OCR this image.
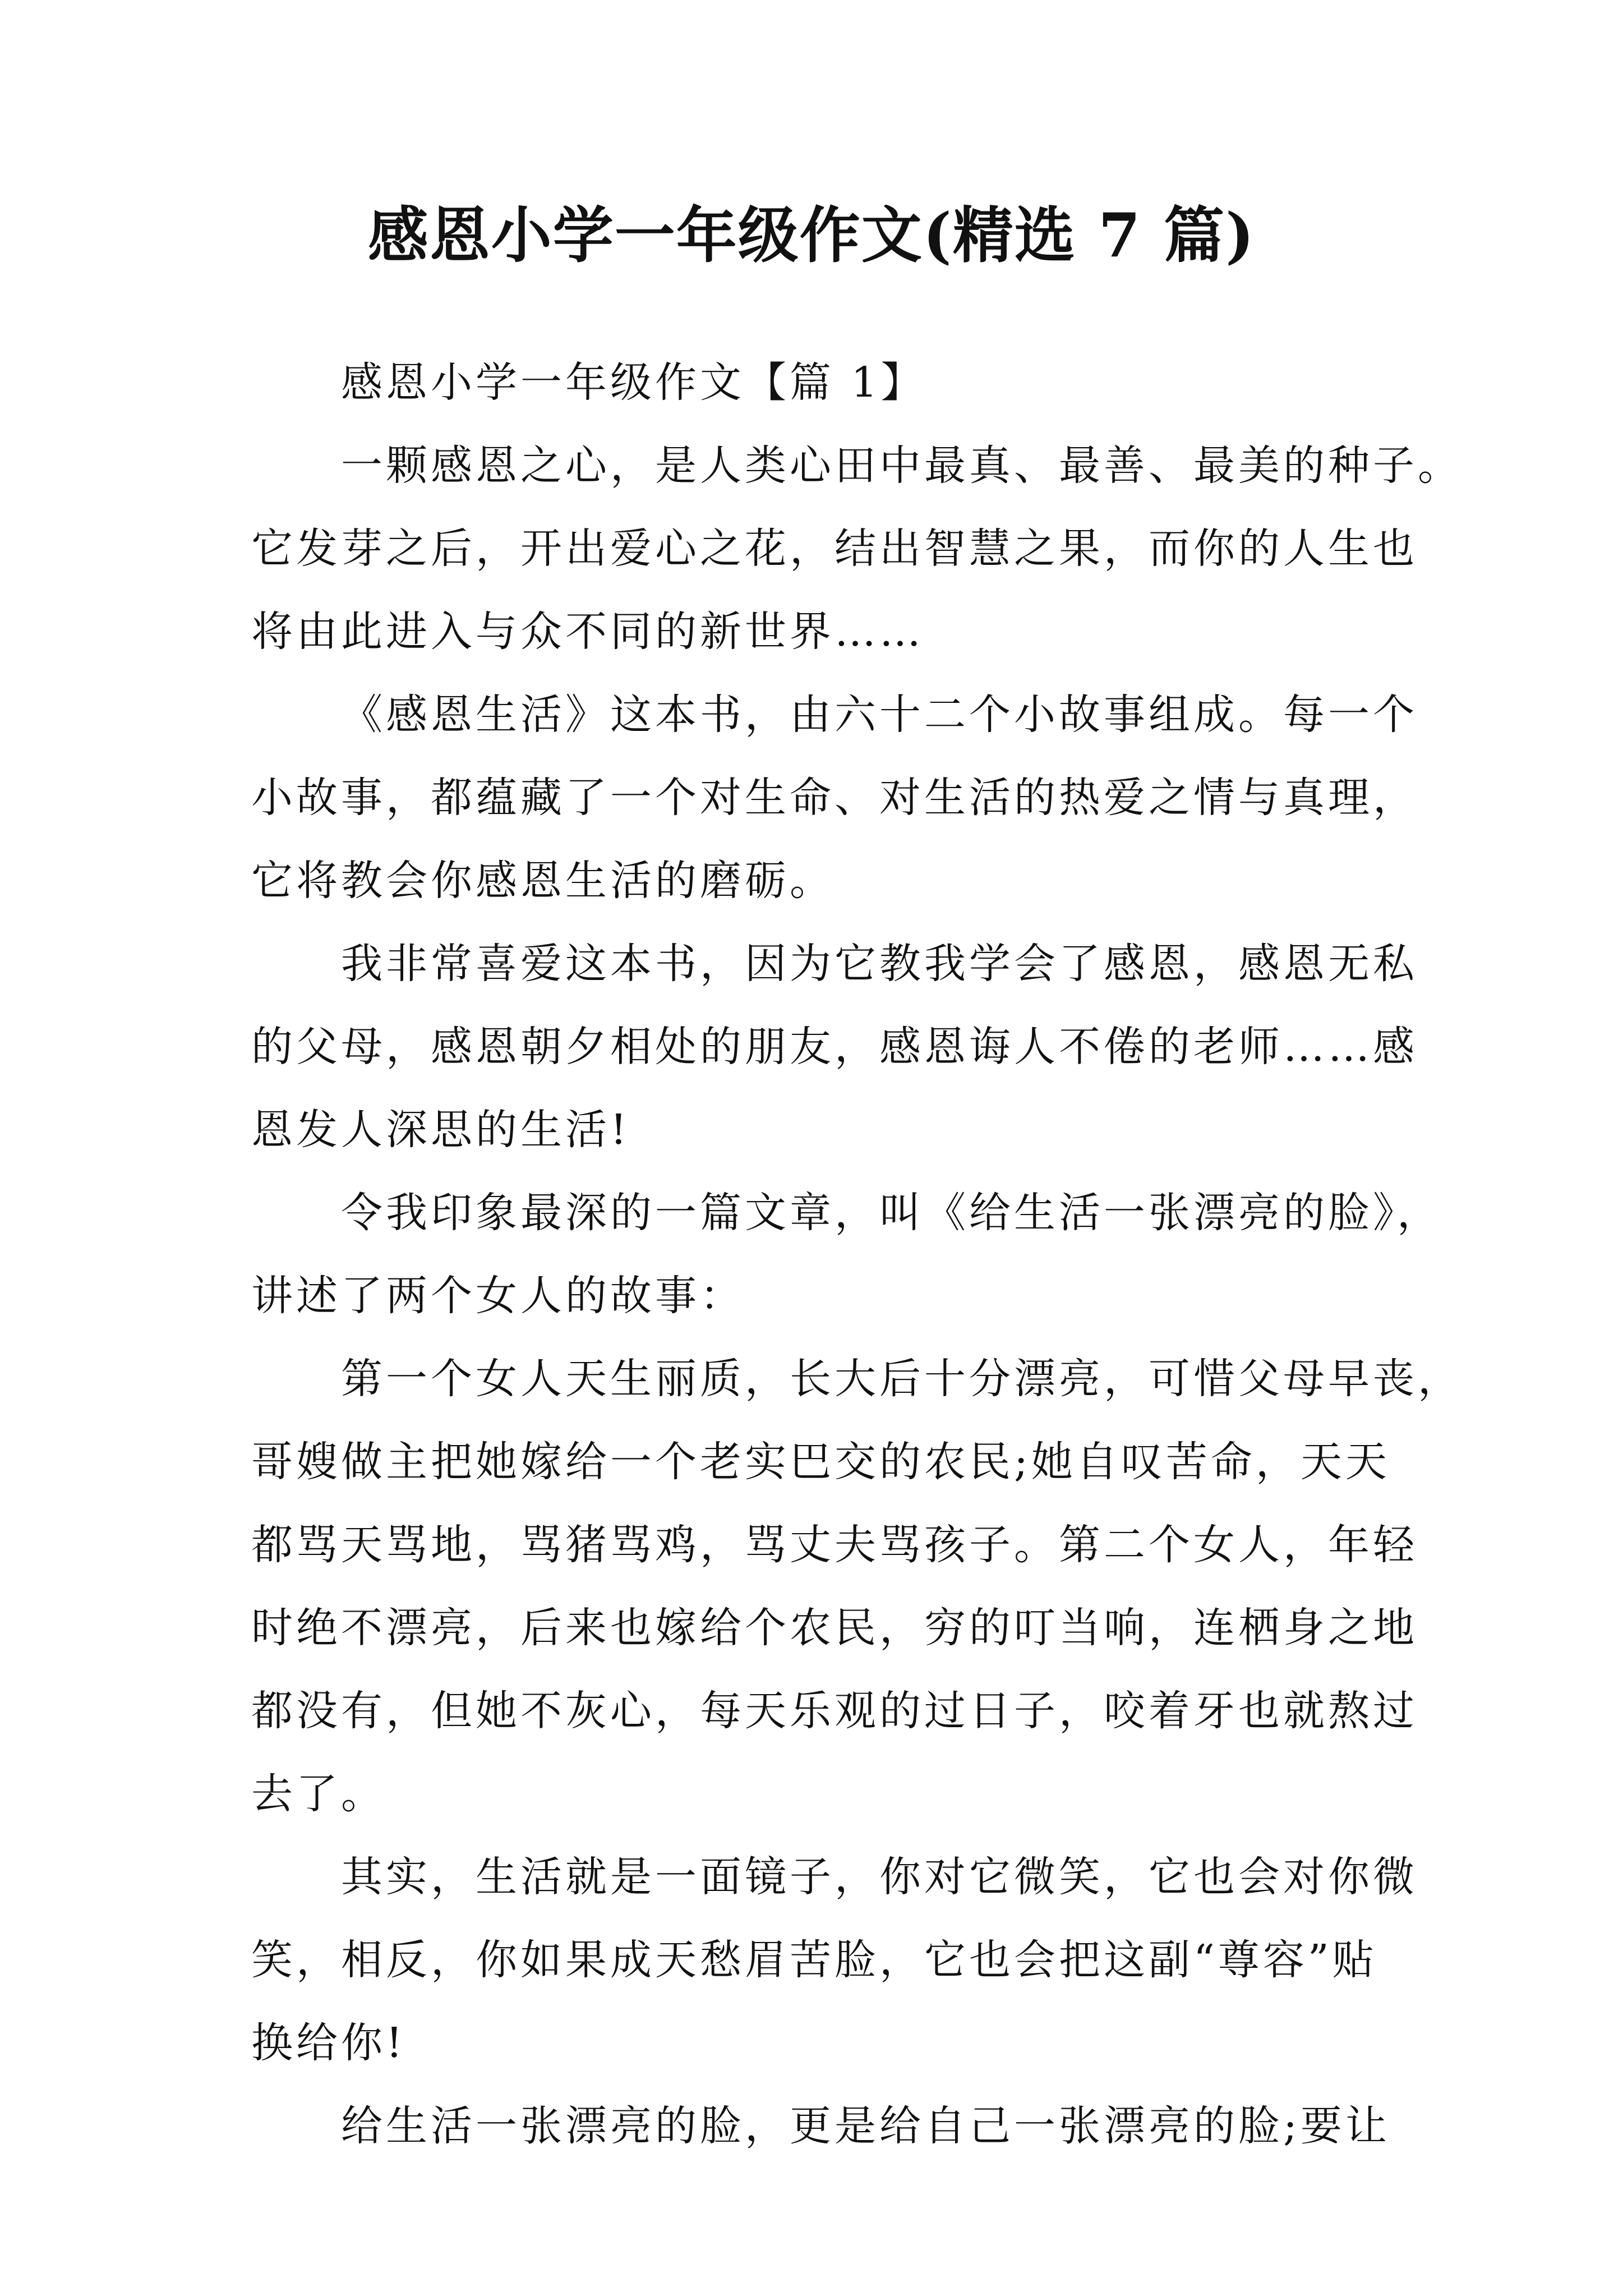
感恩小学一年级作文(精选 7 篇)

感恩小学一年级作文【篇 1】

一颗感恩之心，是人类心田中最真、最善、最美的种子。
它发芽之后，开出爱心之花，结出智慧之果，而你的人生也
将由此进入与众不同的新世界……

《感恩生活》这本书，由六十二个小故事组成。每一个
小故事，都蕴藏了一个对生命、对生活的热爱之情与真理，
它将教会你感恩生活的磨砺。

我非常喜爱这本书，因为它教我学会了感恩，感恩无私
的父母，感恩朝夕相处的朋友，感恩诲人不倦的老师……感
恩发人深思的生活!

令我印象最深的一篇文章，叫《给生活一张漂亮的脸》，
讲述了两个女人的故事：

第一个女人天生丽质，长大后十分漂亮，可惜父母早丧，
哥嫂做主把她嫁给一个老实巴交的农民;她自叹苦命，天天
都骂天骂地，骂猪骂鸡，骂丈夫骂孩子。第二个女人，年轻
时绝不漂亮，后来也嫁给个农民，穷的叮当响，连栖身之地
都没有，但她不灰心，每天乐观的过日子，咬着牙也就熬过
去了。

其实，生活就是一面镜子，你对它微笑，它也会对你微
笑，相反，你如果成天愁眉苦脸，它也会把这副“尊容”贴
换给你!

给生活一张漂亮的脸，更是给自己一张漂亮的脸;要让
